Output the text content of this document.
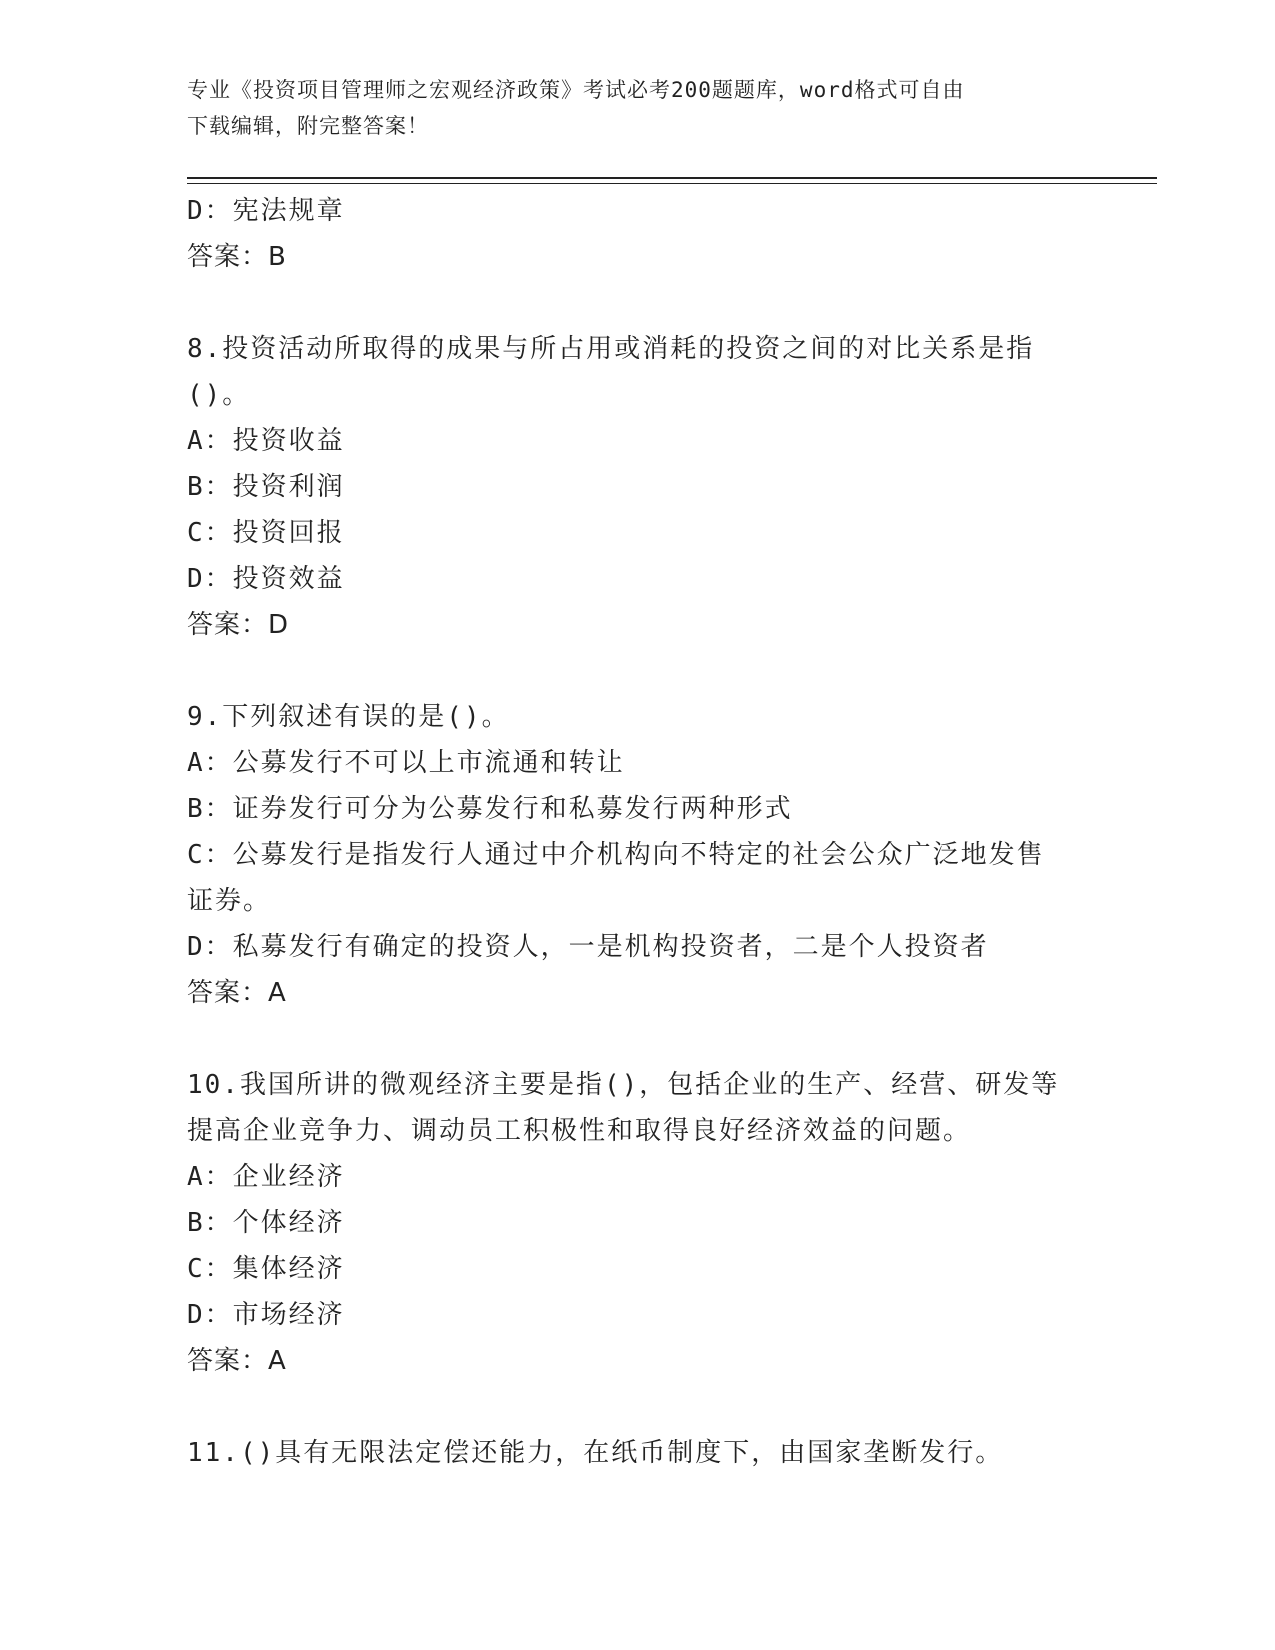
专业《投资项目管理师之宏观经济政策》考试必考200题题库，word格式可自由
下载编辑，附完整答案！
D：宪法规章
答案：B
8.投资活动所取得的成果与所占用或消耗的投资之间的对比关系是指
()。
A：投资收益
B：投资利润
C：投资回报
D：投资效益
答案：D
9.下列叙述有误的是()。
A：公募发行不可以上市流通和转让
B：证券发行可分为公募发行和私募发行两种形式
C：公募发行是指发行人通过中介机构向不特定的社会公众广泛地发售
证券。
D：私募发行有确定的投资人，一是机构投资者，二是个人投资者
答案：A
10.我国所讲的微观经济主要是指()，包括企业的生产、经营、研发等
提高企业竞争力、调动员工积极性和取得良好经济效益的问题。
A：企业经济
B：个体经济
C：集体经济
D：市场经济
答案：A
11.()具有无限法定偿还能力，在纸币制度下，由国家垄断发行。
